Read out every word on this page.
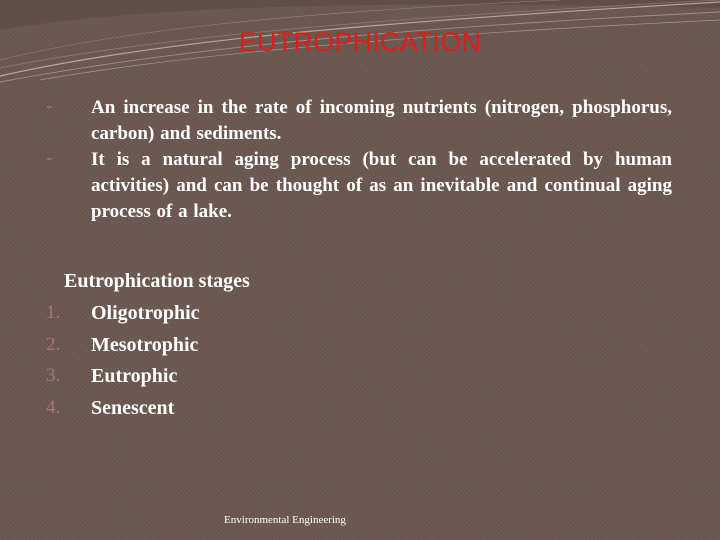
EUTROPHICATION
- An increase in the rate of incoming nutrients (nitrogen, phosphorus, carbon) and sediments.
- It is a natural aging process (but can be accelerated by human activities) and can be thought of as an inevitable and continual aging process of a lake.
Eutrophication stages
1. Oligotrophic
2. Mesotrophic
3. Eutrophic
4. Senescent
Environmental Engineering
